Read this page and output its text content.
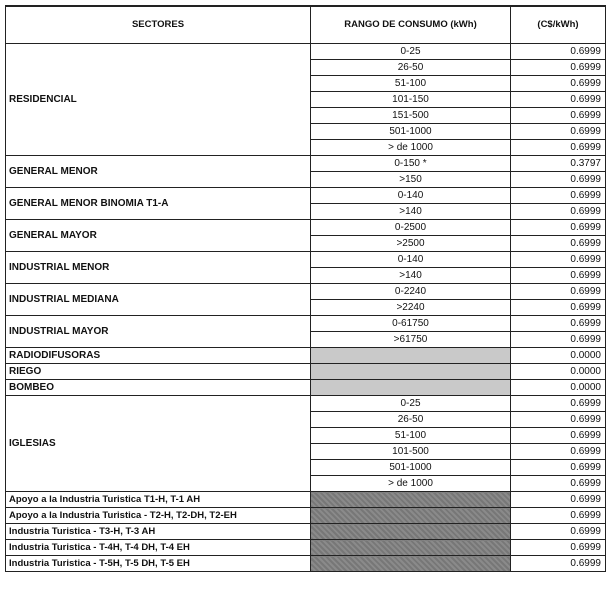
SECTORES	RANGO DE CONSUMO (kWh)	(C$/kWh)
RESIDENCIAL	0-25	0.6999
	26-50	0.6999
	51-100	0.6999
	101-150	0.6999
	151-500	0.6999
	501-1000	0.6999
	> de 1000	0.6999
GENERAL MENOR	0-150 *	0.3797
	>150	0.6999
GENERAL MENOR BINOMIA T1-A	0-140	0.6999
	>140	0.6999
GENERAL MAYOR	0-2500	0.6999
	>2500	0.6999
INDUSTRIAL MENOR	0-140	0.6999
	>140	0.6999
INDUSTRIAL MEDIANA	0-2240	0.6999
	>2240	0.6999
INDUSTRIAL MAYOR	0-61750	0.6999
	>61750	0.6999
RADIODIFUSORAS		0.0000
RIEGO		0.0000
BOMBEO		0.0000
IGLESIAS	0-25	0.6999
	26-50	0.6999
	51-100	0.6999
	101-500	0.6999
	501-1000	0.6999
	> de 1000	0.6999
Apoyo a la Industria Turistica T1-H, T-1 AH		0.6999
Apoyo a la Industria Turistica - T2-H, T2-DH, T2-EH		0.6999
Industria Turistica - T3-H, T-3 AH		0.6999
Industria Turistica - T-4H, T-4 DH, T-4 EH		0.6999
Industria Turistica - T-5H, T-5 DH, T-5 EH		0.6999
